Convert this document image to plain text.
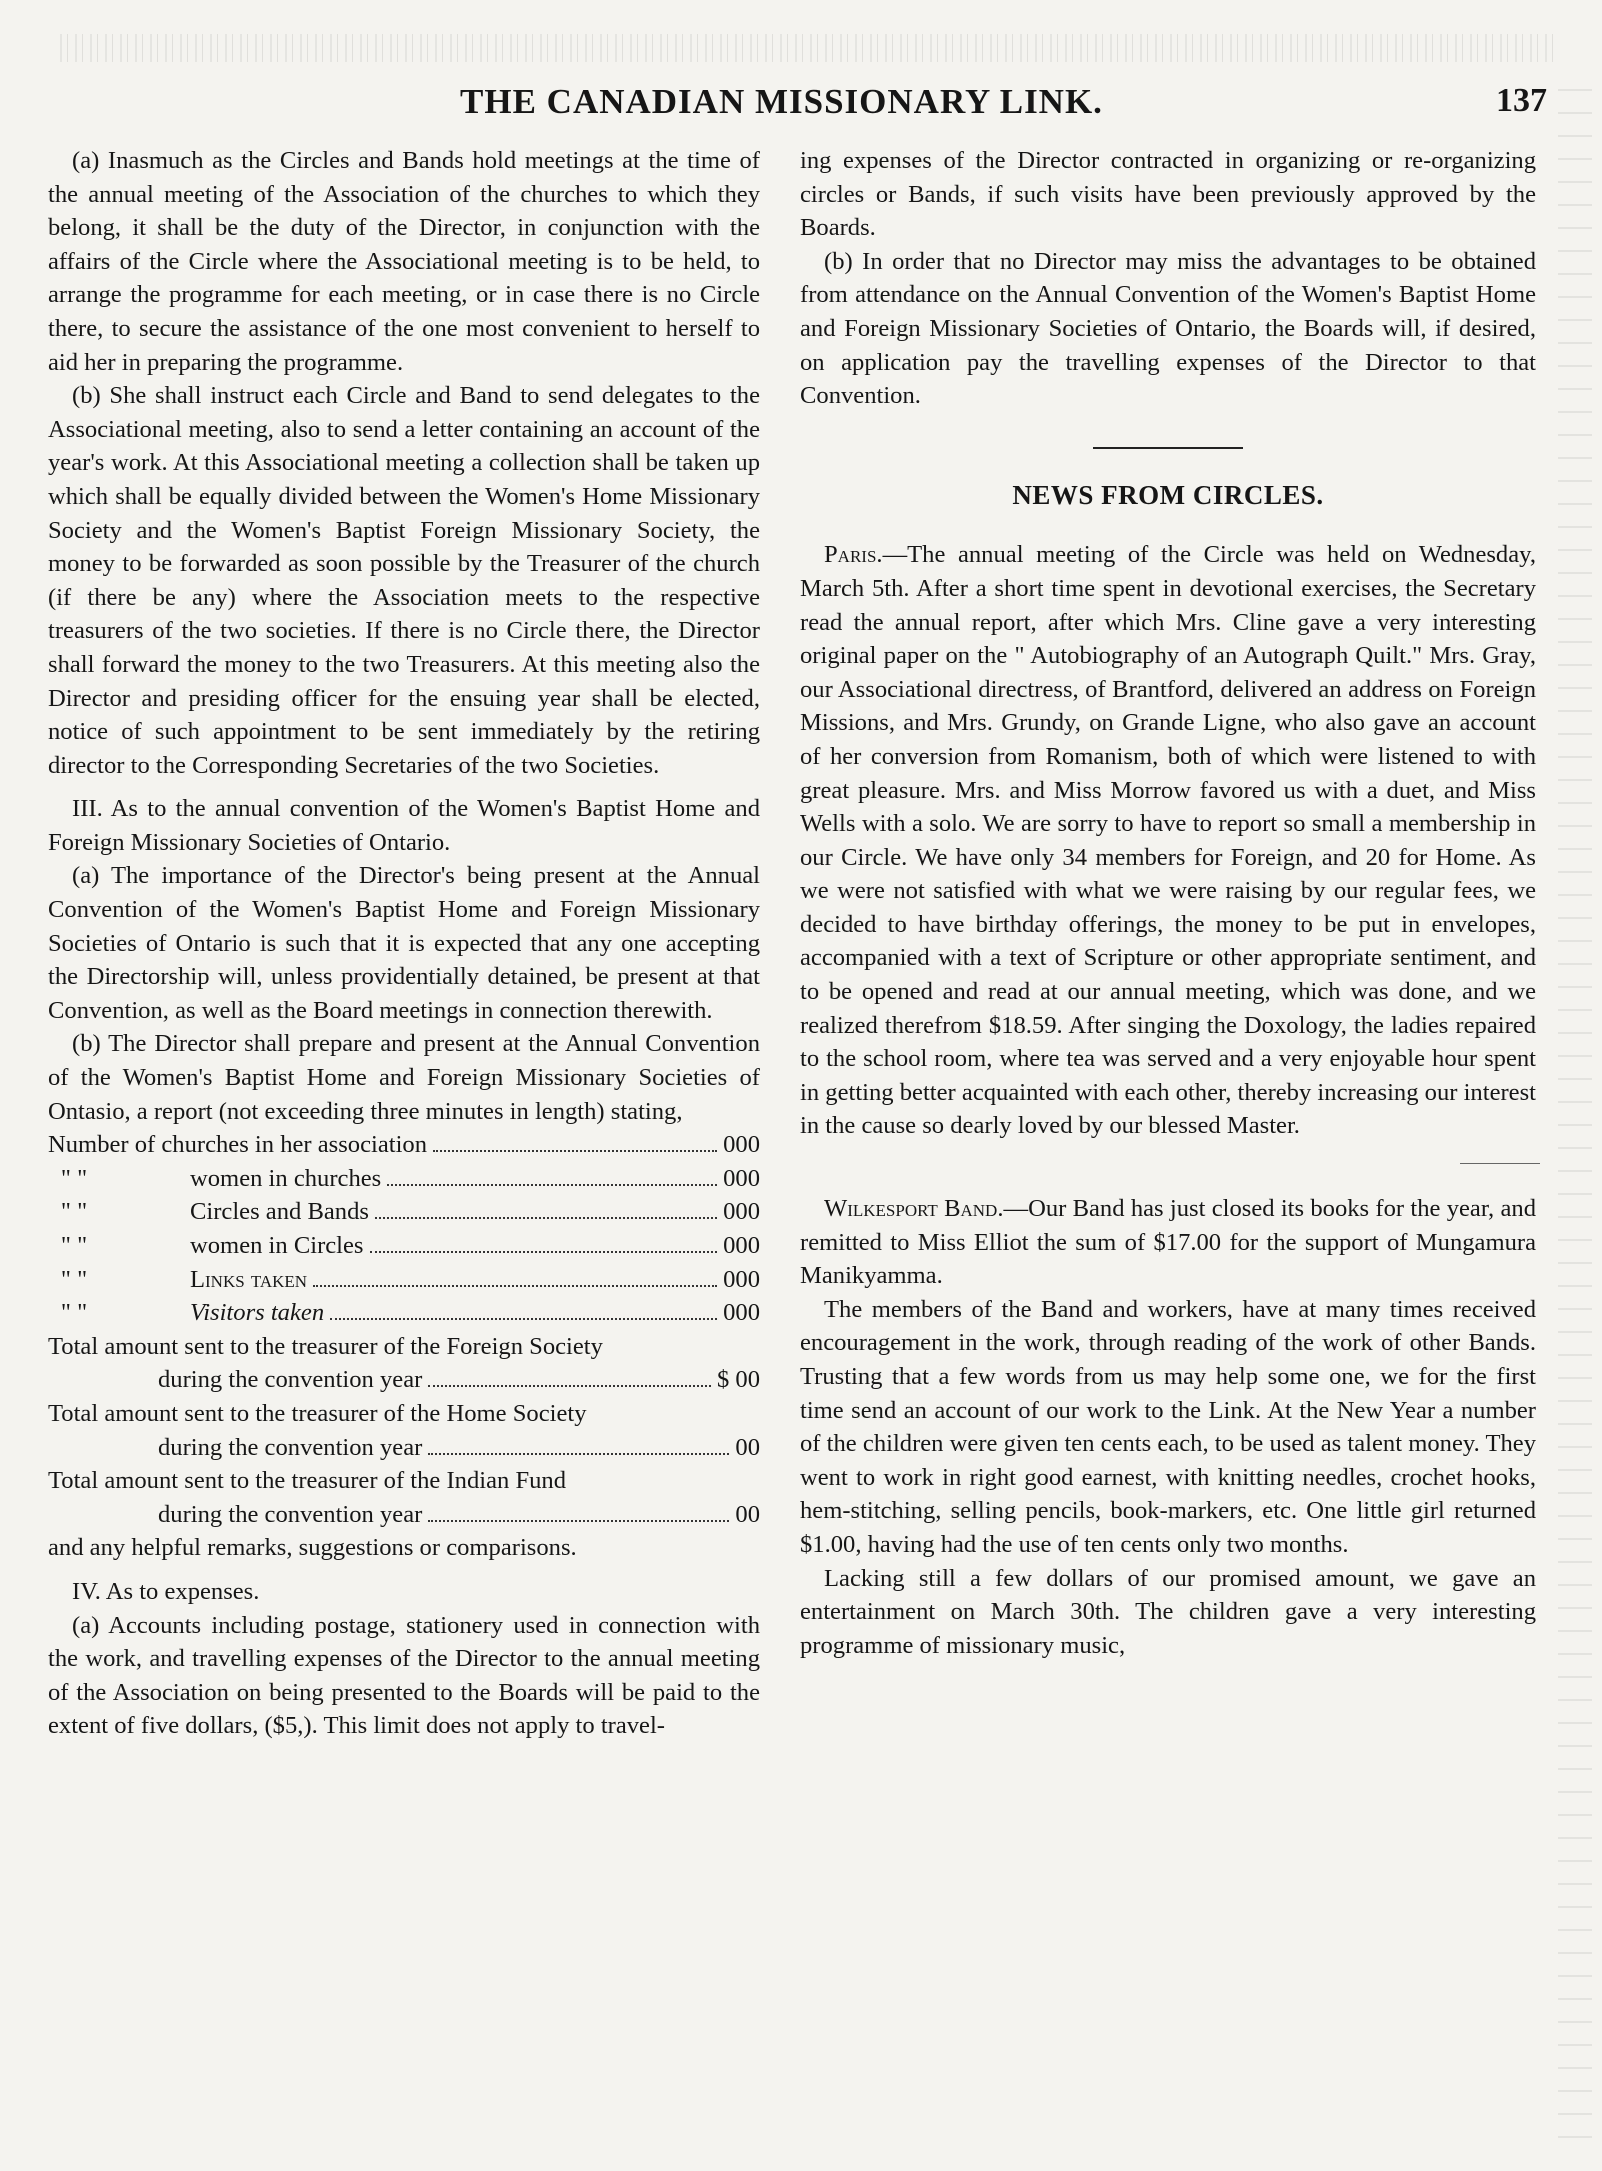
THE CANADIAN MISSIONARY LINK.	137

(a) Inasmuch as the Circles and Bands hold meetings at the time of the annual meeting of the Association of the churches to which they belong, it shall be the duty of the Director, in conjunction with the affairs of the Circle where the Associational meeting is to be held, to arrange the programme for each meeting, or in case there is no Circle there, to secure the assistance of the one most convenient to herself to aid her in preparing the programme.

(b) She shall instruct each Circle and Band to send delegates to the Associational meeting, also to send a letter containing an account of the year's work. At this Associational meeting a collection shall be taken up which shall be equally divided between the Women's Home Missionary Society and the Women's Baptist Foreign Missionary Society, the money to be forwarded as soon possible by the Treasurer of the church (if there be any) where the Association meets to the respective treasurers of the two societies. If there is no Circle there, the Director shall forward the money to the two Treasurers. At this meeting also the Director and presiding officer for the ensuing year shall be elected, notice of such appointment to be sent immediately by the retiring director to the Corresponding Secretaries of the two Societies.

III. As to the annual convention of the Women's Baptist Home and Foreign Missionary Societies of Ontario.

(a) The importance of the Director's being present at the Annual Convention of the Women's Baptist Home and Foreign Missionary Societies of Ontario is such that it is expected that any one accepting the Directorship will, unless providentially detained, be present at that Convention, as well as the Board meetings in connection therewith.

(b) The Director shall prepare and present at the Annual Convention of the Women's Baptist Home and Foreign Missionary Societies of Ontasio, a report (not exceeding three minutes in length) stating,

Number of churches in her association	000
" "	women in churches	000
" "	Circles and Bands	000
" "	women in Circles	000
" "	Links taken	000
" "	Visitors taken	000
Total amount sent to the treasurer of the Foreign Society
during the convention year	$ 00
Total amount sent to the treasurer of the Home Society
during the convention year	00
Total amount sent to the treasurer of the Indian Fund
during the convention year	00

and any helpful remarks, suggestions or comparisons.

IV. As to expenses.

(a) Accounts including postage, stationery used in connection with the work, and travelling expenses of the Director to the annual meeting of the Association on being presented to the Boards will be paid to the extent of five dollars, ($5,). This limit does not apply to travel-

ing expenses of the Director contracted in organizing or re-organizing circles or Bands, if such visits have been previously approved by the Boards.

(b) In order that no Director may miss the advantages to be obtained from attendance on the Annual Convention of the Women's Baptist Home and Foreign Missionary Societies of Ontario, the Boards will, if desired, on application pay the travelling expenses of the Director to that Convention.

NEWS FROM CIRCLES.

Paris.—The annual meeting of the Circle was held on Wednesday, March 5th. After a short time spent in devotional exercises, the Secretary read the annual report, after which Mrs. Cline gave a very interesting original paper on the " Autobiography of an Autograph Quilt." Mrs. Gray, our Associational directress, of Brantford, delivered an address on Foreign Missions, and Mrs. Grundy, on Grande Ligne, who also gave an account of her conversion from Romanism, both of which were listened to with great pleasure. Mrs. and Miss Morrow favored us with a duet, and Miss Wells with a solo. We are sorry to have to report so small a membership in our Circle. We have only 34 members for Foreign, and 20 for Home. As we were not satisfied with what we were raising by our regular fees, we decided to have birthday offerings, the money to be put in envelopes, accompanied with a text of Scripture or other appropriate sentiment, and to be opened and read at our annual meeting, which was done, and we realized therefrom $18.59. After singing the Doxology, the ladies repaired to the school room, where tea was served and a very enjoyable hour spent in getting better acquainted with each other, thereby increasing our interest in the cause so dearly loved by our blessed Master.

Wilkesport Band.—Our Band has just closed its books for the year, and remitted to Miss Elliot the sum of $17.00 for the support of Mungamura Manikyamma.

The members of the Band and workers, have at many times received encouragement in the work, through reading of the work of other Bands. Trusting that a few words from us may help some one, we for the first time send an account of our work to the Link. At the New Year a number of the children were given ten cents each, to be used as talent money. They went to work in right good earnest, with knitting needles, crochet hooks, hem-stitching, selling pencils, book-markers, etc. One little girl returned $1.00, having had the use of ten cents only two months.

Lacking still a few dollars of our promised amount, we gave an entertainment on March 30th. The children gave a very interesting programme of missionary music,
